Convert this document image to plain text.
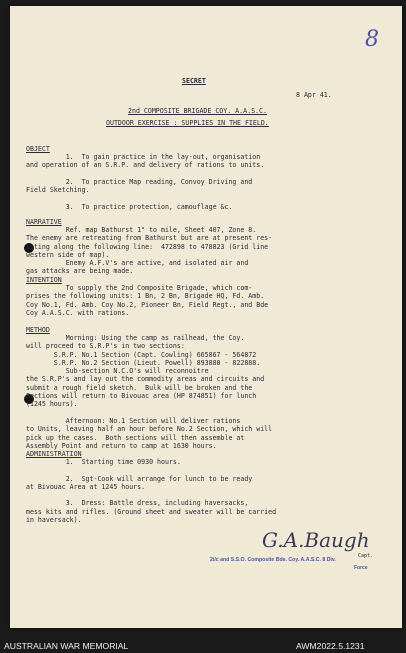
8
SECRET
8 Apr 41.
2nd COMPOSITE BRIGADE COY. A.A.S.C.
OUTDOOR EXERCISE : SUPPLIES IN THE FIELD.
OBJECT
1.  To gain practice in the lay-out, organisation
and operation of an S.R.P. and delivery of rations to units.

2.  To practice Map reading, Convoy Driving and
Field Sketching.

3.  To practice protection, camouflage &c.
NARRATIVE
Ref. map Bathurst 1" to mile, Sheet 407, Zone 8.
The enemy are retreating from Bathurst but are at present res-
isting along the following line:  472898 to 478823 (Grid line
western side of map).
Enemy A.F.V's are active, and isolated air and
gas attacks are being made.
INTENTION
To supply the 2nd Composite Brigade, which com-
prises the following units: 1 Bn, 2 Bn, Brigade HQ, Fd. Amb.
Coy No.1, Fd. Amb. Coy No.2, Pioneer Bn, Field Regt., and Bde
Coy A.A.S.C. with rations.
METHOD
Morning: Using the camp as railhead, the Coy.
will proceed to S.R.P's in two sections:
S.R.P. No.1 Section (Capt. Cowling) 665867 - 564872
S.R.P. No.2 Section (Lieut. Powell) 893880 - 822888.
Sub-section N.C.O's will reconnoitre
the S.R.P's and lay out the commodity areas and circuits and
submit a rough field sketch.  Bulk will be broken and the
Sections will return to Bivouac area (HP 874851) for lunch
(1245 hours).

Afternoon: No.1 Section will deliver rations
to Units, leaving half an hour before No.2 Section, which will
pick up the cases.  Both sections will then assemble at
Assembly Point and return to camp at 1630 hours.
ADMINISTRATION
1.  Starting time 0930 hours.

2.  Sgt-Cook will arrange for lunch to be ready
at Bivouac Area at 1245 hours.

3.  Dress: Battle dress, including haversacks,
mess kits and rifles. (Ground sheet and sweater will be carried
in haversack).
G.A.Baugh
Capt.
2i/c and S.S.O. Composite Bde. Coy. A.A.S.C. 8 Div.
Force
AUSTRALIAN WAR MEMORIAL	AWM2022.5.1231
